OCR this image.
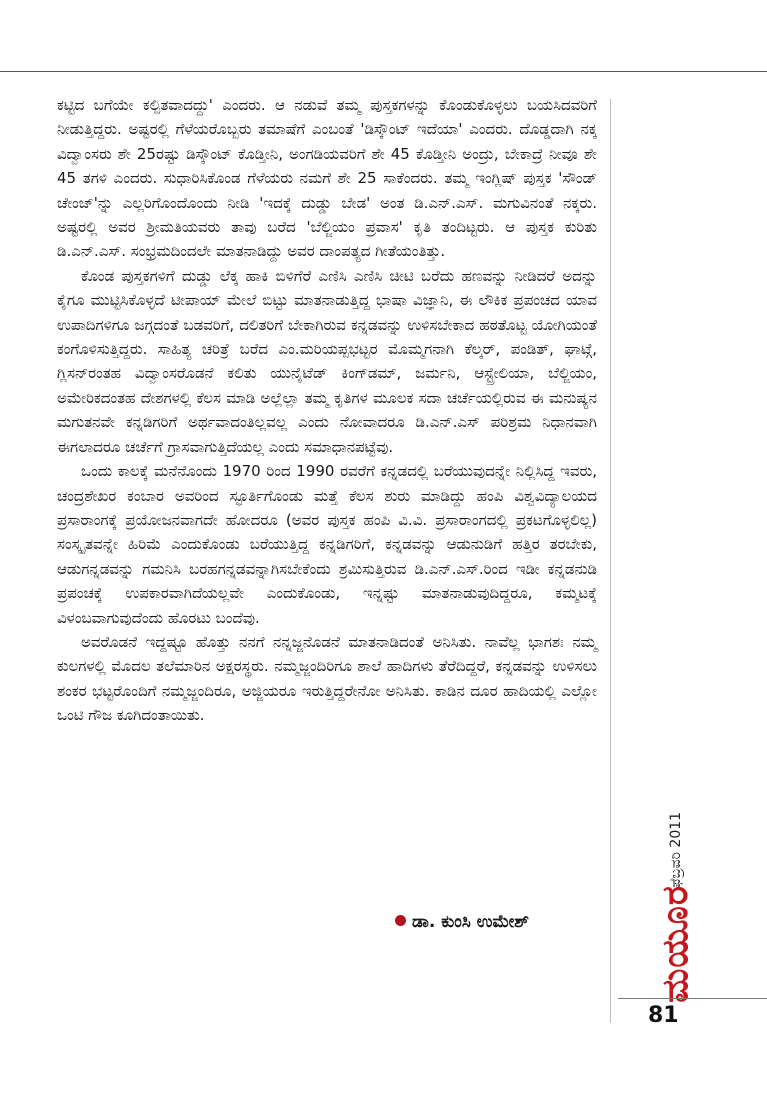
ಕಟ್ಟಿದ ಬಗೆಯೇ ಕಲ್ಪಿತವಾದದ್ದು' ಎಂದರು. ಆ ನಡುವೆ ತಮ್ಮ ಪುಸ್ತಕಗಳನ್ನು ಕೊಂಡುಕೊಳ್ಳಲು ಬಯಸಿದವರಿಗೆ ನೀಡುತ್ತಿದ್ದರು. ಅಷ್ಟರಲ್ಲಿ ಗೆಳೆಯರೊಬ್ಬರು ತಮಾಷೆಗೆ ಎಂಬಂತೆ 'ಡಿಸ್ಕೌಂಟ್ ಇದೆಯಾ' ಎಂದರು. ದೊಡ್ಡದಾಗಿ ನಕ್ಕ ವಿದ್ವಾಂಸರು ಶೇ 25ರಷ್ಟು ಡಿಸ್ಕೌಂಟ್ ಕೊಡ್ತೀನಿ, ಅಂಗಡಿಯವರಿಗೆ ಶೇ 45 ಕೊಡ್ತೀನಿ ಅಂದ್ರು, ಬೇಕಾದ್ರೆ ನೀವೂ ಶೇ 45 ತಗಳಿ ಎಂದರು. ಸುಧಾರಿಸಿಕೊಂಡ ಗೆಳೆಯರು ನಮಗೆ ಶೇ 25 ಸಾಕೆಂದರು. ತಮ್ಮ ಇಂಗ್ಲಿಷ್ ಪುಸ್ತಕ 'ಸೌಂಡ್ ಚೇಂಜ್'ನ್ನು ಎಲ್ಲರಿಗೊಂದೊಂದು ನೀಡಿ 'ಇದಕ್ಕೆ ದುಡ್ಡು ಬೇಡ' ಅಂತ ಡಿ.ಎನ್.ಎಸ್. ಮಗುವಿನಂತೆ ನಕ್ಕರು. ಅಷ್ಟರಲ್ಲಿ ಅವರ ಶ್ರೀಮತಿಯವರು ತಾವು ಬರೆದ 'ಬೆಲ್ಜಿಯಂ ಪ್ರವಾಸ' ಕೃತಿ ತಂದಿಟ್ಟರು. ಆ ಪುಸ್ತಕ ಕುರಿತು ಡಿ.ಎನ್.ಎಸ್. ಸಂಭ್ರಮದಿಂದಲೇ ಮಾತನಾಡಿದ್ದು ಅವರ ದಾಂಪತ್ಯದ ಗೀತೆಯಂತಿತ್ತು.

ಕೊಂಡ ಪುಸ್ತಕಗಳಿಗೆ ದುಡ್ಡು ಲೆಕ್ಕ ಹಾಕಿ ಬಿಳಿಗೆರೆ ಎಣಿಸಿ ಎಣಿಸಿ ಚೀಟಿ ಬರೆದು ಹಣವನ್ನು ನೀಡಿದರೆ ಅದನ್ನು ಕೈಗೂ ಮುಟ್ಟಿಸಿಕೊಳ್ಳದೆ ಟೀಪಾಯ್ ಮೇಲೆ ಬಿಟ್ಟು ಮಾತನಾಡುತ್ತಿದ್ದ ಭಾಷಾ ವಿಜ್ಞಾನಿ, ಈ ಲೌಕಿಕ ಪ್ರಪಂಚದ ಯಾವ ಉಪಾದಿಗಳಿಗೂ ಜಗ್ಗದಂತೆ ಬಡವರಿಗೆ, ದಲಿತರಿಗೆ ಬೇಕಾಗಿರುವ ಕನ್ನಡವನ್ನು ಉಳಿಸಬೇಕಾದ ಹಠತೊಟ್ಟ ಯೋಗಿಯಂತೆ ಕಂಗೊಳಿಸುತ್ತಿದ್ದರು. ಸಾಹಿತ್ಯ ಚರಿತ್ರೆ ಬರೆದ ಎಂ.ಮರಿಯಪ್ಪಭಟ್ಟರ ಮೊಮ್ಮಗನಾಗಿ ಕೆಲ್ಕರ್, ಪಂಡಿತ್, ಘಾಟ್ಗೆ, ಗ್ಲಿಸನ್‌ರಂತಹ ವಿದ್ವಾಂಸರೊಡನೆ ಕಲಿತು ಯುನೈಟೆಡ್ ಕಿಂಗ್‌ಡಮ್, ಜರ್ಮನಿ, ಆಸ್ಟ್ರೇಲಿಯಾ, ಬೆಲ್ಜಿಯಂ, ಅಮೇರಿಕದಂತಹ ದೇಶಗಳಲ್ಲಿ ಕೆಲಸ ಮಾಡಿ ಅಲ್ಲೆಲ್ಲಾ ತಮ್ಮ ಕೃತಿಗಳ ಮೂಲಕ ಸದಾ ಚರ್ಚೆಯಲ್ಲಿರುವ ಈ ಮನುಷ್ಯನ ಮಗುತನವೇ ಕನ್ನಡಿಗರಿಗೆ ಅರ್ಥವಾದಂತಿಲ್ಲವಲ್ಲ ಎಂದು ನೋವಾದರೂ ಡಿ.ಎನ್.ಎಸ್ ಪರಿಶ್ರಮ ನಿಧಾನವಾಗಿ ಈಗಲಾದರೂ ಚರ್ಚೆಗೆ ಗ್ರಾಸವಾಗುತ್ತಿದೆಯಲ್ಲ ಎಂದು ಸಮಾಧಾನಪಟ್ಟೆವು.

ಒಂದು ಕಾಲಕ್ಕೆ ಮನೆನೊಂದು 1970 ರಿಂದ 1990 ರವರೆಗೆ ಕನ್ನಡದಲ್ಲಿ ಬರೆಯುವುದನ್ನೇ ನಿಲ್ಲಿಸಿದ್ದ ಇವರು, ಚಂದ್ರಶೇಖರ ಕಂಬಾರ ಅವರಿಂದ ಸ್ಫೂರ್ತಿಗೊಂಡು ಮತ್ತೆ ಕೆಲಸ ಶುರು ಮಾಡಿದ್ದು ಹಂಪಿ ವಿಶ್ವವಿದ್ಯಾಲಯದ ಪ್ರಸಾರಾಂಗಕ್ಕೆ ಪ್ರಯೋಜನವಾಗದೇ ಹೋದರೂ (ಅವರ ಪುಸ್ತಕ ಹಂಪಿ ವಿ.ವಿ. ಪ್ರಸಾರಾಂಗದಲ್ಲಿ ಪ್ರಕಟಗೊಳ್ಳಲಿಲ್ಲ) ಸಂಸ್ಕೃತವನ್ನೇ ಹಿರಿಮೆ ಎಂದುಕೊಂಡು ಬರೆಯುತ್ತಿದ್ದ ಕನ್ನಡಿಗರಿಗೆ, ಕನ್ನಡವನ್ನು ಆಡುನುಡಿಗೆ ಹತ್ತಿರ ತರಬೇಕು, ಆಡುಗನ್ನಡವನ್ನು ಗಮನಿಸಿ ಬರಹಗನ್ನಡವನ್ನಾಗಿಸಬೇಕೆಂದು ಶ್ರಮಿಸುತ್ತಿರುವ ಡಿ.ಎನ್.ಎಸ್.ರಿಂದ ಇಡೀ ಕನ್ನಡನುಡಿ ಪ್ರಪಂಚಕ್ಕೆ ಉಪಕಾರವಾಗಿದೆಯಲ್ಲವೇ ಎಂದುಕೊಂಡು, ಇನ್ನಷ್ಟು ಮಾತನಾಡುವುದಿದ್ದರೂ, ಕಮ್ಮಟಕ್ಕೆ ವಿಳಂಬವಾಗುವುದೆಂದು ಹೊರಟು ಬಂದೆವು.

ಅವರೊಡನೆ ಇದ್ದಷ್ಟೂ ಹೊತ್ತು ನನಗೆ ನನ್ನಜ್ಜನೊಡನೆ ಮಾತನಾಡಿದಂತೆ ಅನಿಸಿತು. ನಾವೆಲ್ಲ ಭಾಗಶಃ ನಮ್ಮ ಕುಲಗಳಲ್ಲಿ ಮೊದಲ ತಲೆಮಾರಿನ ಅಕ್ಷರಸ್ಥರು. ನಮ್ಮಜ್ಜಂದಿರಿಗೂ ಶಾಲೆ ಹಾದಿಗಳು ತೆರೆದಿದ್ದರೆ, ಕನ್ನಡವನ್ನು ಉಳಿಸಲು ಶಂಕರ ಭಟ್ಟರೊಂದಿಗೆ ನಮ್ಮಜ್ಜಂದಿರೂ, ಅಜ್ಜಿಯರೂ ಇರುತ್ತಿದ್ದರೇನೋ ಅನಿಸಿತು. ಕಾಡಿನ ದೂರ ಹಾದಿಯಲ್ಲಿ ಎಲ್ಲೋ ಒಂಟಿ ಗೌಜ ಕೂಗಿದಂತಾಯಿತು.

ಡಾ. ಕುಂಸಿ ಉಮೇಶ್
ಫೆಬ್ರವರಿ 2011
ಮಯೂರ
81
